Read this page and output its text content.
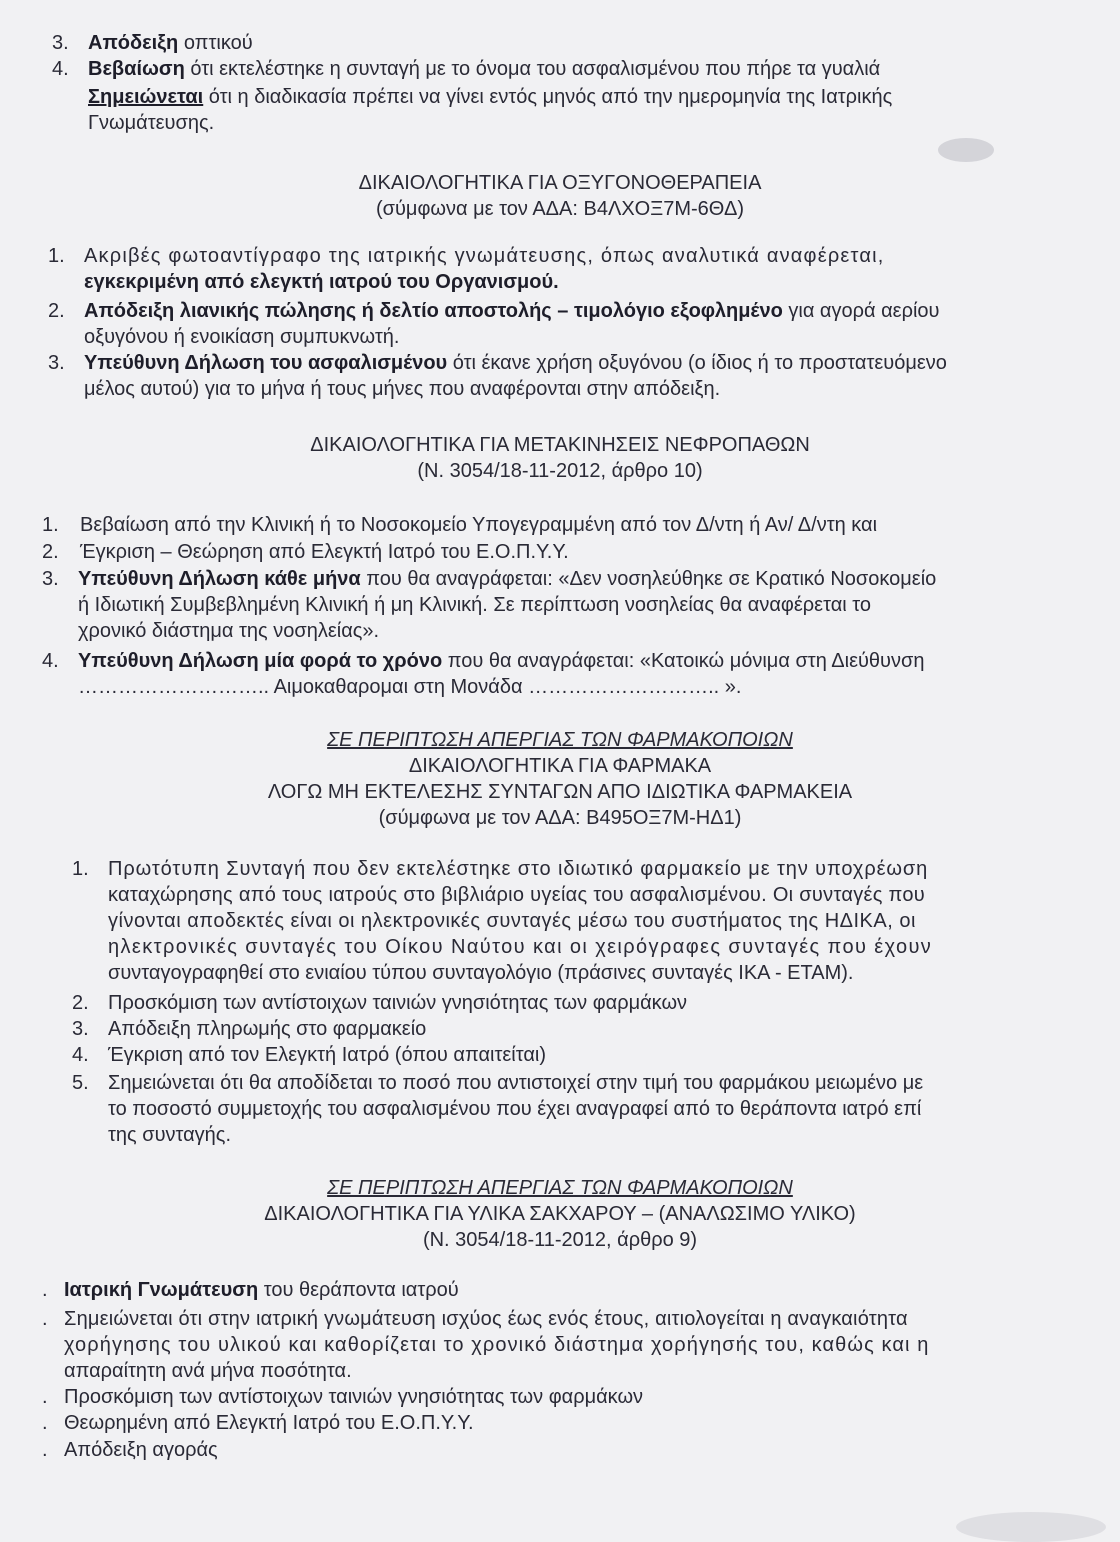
3. Απόδειξη οπτικού
4. Βεβαίωση ότι εκτελέστηκε η συνταγή με το όνομα του ασφαλισμένου που πήρε τα γυαλιά
Σημειώνεται ότι η διαδικασία πρέπει να γίνει εντός μηνός από την ημερομηνία της Ιατρικής
Γνωμάτευσης.
ΔΙΚΑΙΟΛΟΓΗΤΙΚΑ ΓΙΑ ΟΞΥΓΟΝΟΘΕΡΑΠΕΙΑ
(σύμφωνα με τον ΑΔΑ: Β4ΛΧΟΞ7Μ-6ΘΔ)
1. Ακριβές φωτοαντίγραφο της ιατρικής γνωμάτευσης, όπως αναλυτικά αναφέρεται,
εγκεκριμένη από ελεγκτή ιατρού του Οργανισμού.
2. Απόδειξη λιανικής πώλησης ή δελτίο αποστολής – τιμολόγιο εξοφλημένο για αγορά αερίου
οξυγόνου ή ενοικίαση συμπυκνωτή.
3. Υπεύθυνη Δήλωση του ασφαλισμένου ότι έκανε χρήση οξυγόνου (ο ίδιος ή το προστατευόμενο
μέλος αυτού) για το μήνα ή τους μήνες που αναφέρονται στην απόδειξη.
ΔΙΚΑΙΟΛΟΓΗΤΙΚΑ ΓΙΑ ΜΕΤΑΚΙΝΗΣΕΙΣ ΝΕΦΡΟΠΑΘΩΝ
(Ν. 3054/18-11-2012, άρθρο 10)
1. Βεβαίωση από την Κλινική ή το Νοσοκομείο Υπογεγραμμένη από τον Δ/ντη ή Αν/ Δ/ντη και
2. Έγκριση – Θεώρηση από Ελεγκτή Ιατρό του Ε.Ο.Π.Υ.Υ.
3. Υπεύθυνη Δήλωση κάθε μήνα που θα αναγράφεται: «Δεν νοσηλεύθηκε σε Κρατικό Νοσοκομείο
ή Ιδιωτική Συμβεβλημένη Κλινική ή μη Κλινική. Σε περίπτωση νοσηλείας θα αναφέρεται το
χρονικό διάστημα της νοσηλείας».
4. Υπεύθυνη Δήλωση μία φορά το χρόνο που θα αναγράφεται: «Κατοικώ μόνιμα στη Διεύθυνση
……………………….. Αιμοκαθαρομαι στη Μονάδα ……………………….. ».
ΣΕ ΠΕΡΙΠΤΩΣΗ ΑΠΕΡΓΙΑΣ ΤΩΝ ΦΑΡΜΑΚΟΠΟΙΩΝ
ΔΙΚΑΙΟΛΟΓΗΤΙΚΑ ΓΙΑ ΦΑΡΜΑΚΑ
ΛΟΓΩ ΜΗ ΕΚΤΕΛΕΣΗΣ ΣΥΝΤΑΓΩΝ ΑΠΟ ΙΔΙΩΤΙΚΑ ΦΑΡΜΑΚΕΙΑ
(σύμφωνα με τον ΑΔΑ: Β495ΟΞ7Μ-ΗΔ1)
1. Πρωτότυπη Συνταγή που δεν εκτελέστηκε στο ιδιωτικό φαρμακείο με την υποχρέωση
καταχώρησης από τους ιατρούς στο βιβλιάριο υγείας του ασφαλισμένου. Οι συνταγές που
γίνονται αποδεκτές είναι οι ηλεκτρονικές συνταγές μέσω του συστήματος της ΗΔΙΚΑ, οι
ηλεκτρονικές συνταγές του Οίκου Ναύτου και οι χειρόγραφες συνταγές που έχουν
συνταγογραφηθεί στο ενιαίου τύπου συνταγολόγιο (πράσινες συνταγές ΙΚΑ - ΕΤΑΜ).
2. Προσκόμιση των αντίστοιχων ταινιών γνησιότητας των φαρμάκων
3. Απόδειξη πληρωμής στο φαρμακείο
4. Έγκριση από τον Ελεγκτή Ιατρό (όπου απαιτείται)
5. Σημειώνεται ότι θα αποδίδεται το ποσό που αντιστοιχεί στην τιμή του φαρμάκου μειωμένο με
το ποσοστό συμμετοχής του ασφαλισμένου που έχει αναγραφεί από το θεράποντα ιατρό επί
της συνταγής.
ΣΕ ΠΕΡΙΠΤΩΣΗ ΑΠΕΡΓΙΑΣ ΤΩΝ ΦΑΡΜΑΚΟΠΟΙΩΝ
ΔΙΚΑΙΟΛΟΓΗΤΙΚΑ ΓΙΑ ΥΛΙΚΑ ΣΑΚΧΑΡΟΥ – (ΑΝΑΛΩΣΙΜΟ ΥΛΙΚΟ)
(Ν. 3054/18-11-2012, άρθρο 9)
. Ιατρική Γνωμάτευση του θεράποντα ιατρού
. Σημειώνεται ότι στην ιατρική γνωμάτευση ισχύος έως ενός έτους, αιτιολογείται η αναγκαιότητα
χορήγησης του υλικού και καθορίζεται το χρονικό διάστημα χορήγησής του, καθώς και η
απαραίτητη ανά μήνα ποσότητα.
. Προσκόμιση των αντίστοιχων ταινιών γνησιότητας των φαρμάκων
. Θεωρημένη από Ελεγκτή Ιατρό του Ε.Ο.Π.Υ.Υ.
. Απόδειξη αγοράς
